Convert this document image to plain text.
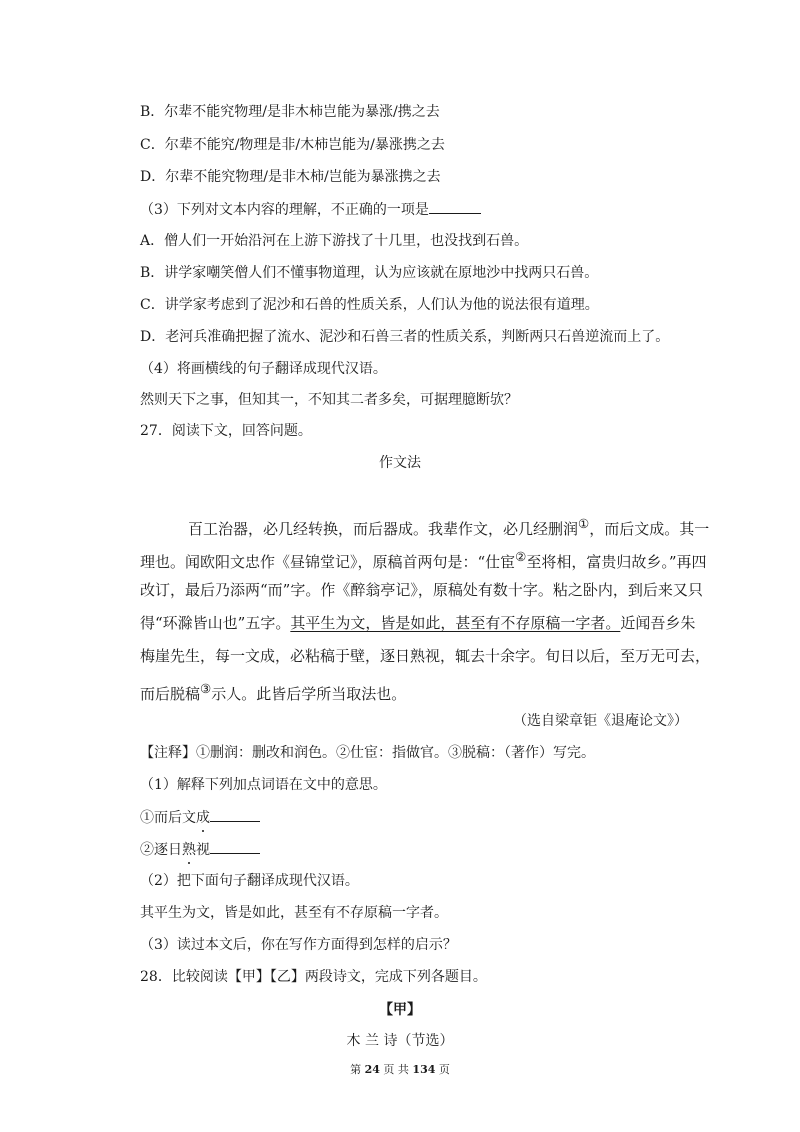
B．尔辈不能究物理/是非木柿岂能为暴涨/携之去
C．尔辈不能究/物理是非/木柿岂能为/暴涨携之去
D．尔辈不能究物理/是非木柿/岂能为暴涨携之去
（3）下列对文本内容的理解，不正确的一项是
A．僧人们一开始沿河在上游下游找了十几里，也没找到石兽。
B．讲学家嘲笑僧人们不懂事物道理，认为应该就在原地沙中找两只石兽。
C．讲学家考虑到了泥沙和石兽的性质关系，人们认为他的说法很有道理。
D．老河兵准确把握了流水、泥沙和石兽三者的性质关系，判断两只石兽逆流而上了。
（4）将画横线的句子翻译成现代汉语。
然则天下之事，但知其一，不知其二者多矣，可据理臆断欤？
27．阅读下文，回答问题。
作文法
百工治器，必几经转换，而后器成。我辈作文，必几经删润①，而后文成。其一
理也。闻欧阳文忠作《昼锦堂记》，原稿首两句是：“仕宦②至将相，富贵归故乡。”再四
改订，最后乃添两“而”字。作《醉翁亭记》，原稿处有数十字。粘之卧内，到后来又只
得“环滁皆山也”五字。其平生为文，皆是如此，甚至有不存原稿一字者。近闻吾乡朱
梅崖先生，每一文成，必粘稿于壁，逐日熟视，辄去十余字。旬日以后，至万无可去，
而后脱稿③示人。此皆后学所当取法也。
（选自梁章钜《退庵论文》）
【注释】①删润：删改和润色。②仕宦：指做官。③脱稿：（著作）写完。
（1）解释下列加点词语在文中的意思。
①而后文成
②逐日熟视
（2）把下面句子翻译成现代汉语。
其平生为文，皆是如此，甚至有不存原稿一字者。
（3）读过本文后，你在写作方面得到怎样的启示？
28．比较阅读【甲】【乙】两段诗文，完成下列各题目。
【甲】
木 兰 诗（节选）
第 24 页 共 134 页
